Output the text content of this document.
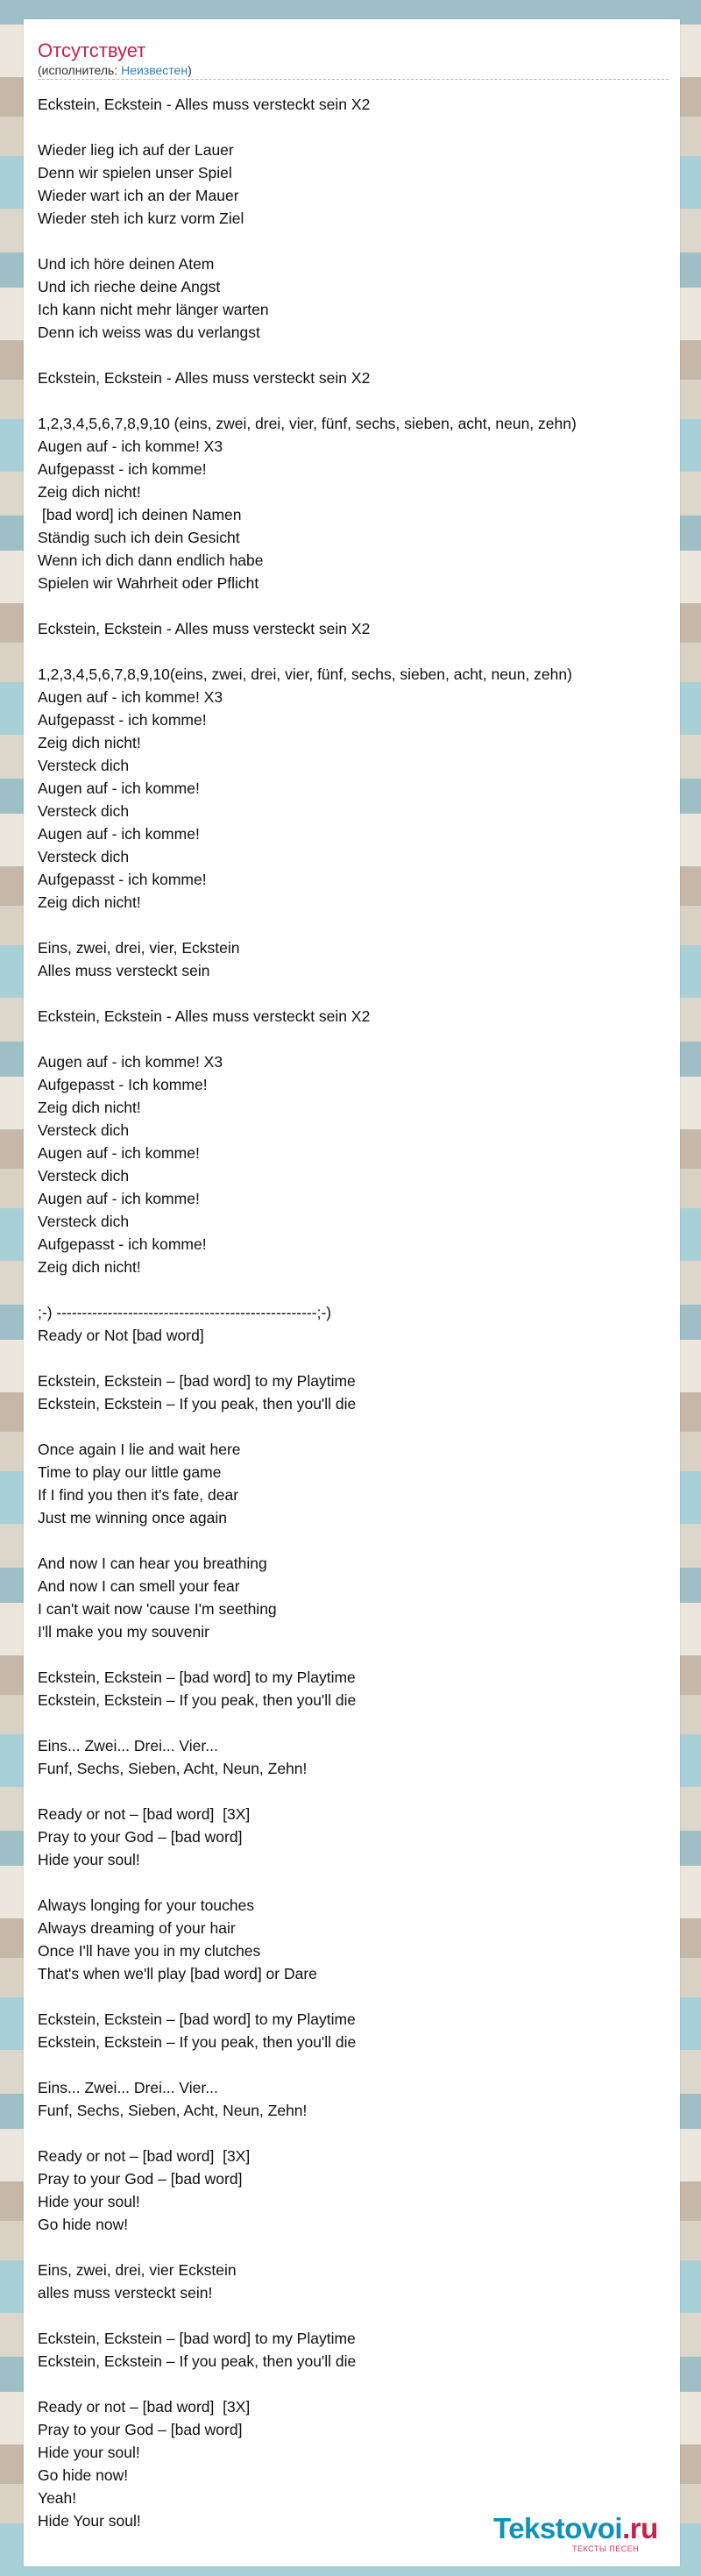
Отсутствует
(исполнитель: Неизвестен)
Eckstein, Eckstein - Alles muss versteckt sein X2

Wieder lieg ich auf der Lauer
Denn wir spielen unser Spiel
Wieder wart ich an der Mauer
Wieder steh ich kurz vorm Ziel

Und ich höre deinen Atem
Und ich rieche deine Angst
Ich kann nicht mehr länger warten
Denn ich weiss was du verlangst

Eckstein, Eckstein - Alles muss versteckt sein X2

1,2,3,4,5,6,7,8,9,10 (eins, zwei, drei, vier, fünf, sechs, sieben, acht, neun, zehn)
Augen auf - ich komme! X3
Aufgepasst - ich komme!
Zeig dich nicht!
[bad word] ich deinen Namen
Ständig such ich dein Gesicht
Wenn ich dich dann endlich habe
Spielen wir Wahrheit oder Pflicht

Eckstein, Eckstein - Alles muss versteckt sein X2

1,2,3,4,5,6,7,8,9,10(eins, zwei, drei, vier, fünf, sechs, sieben, acht, neun, zehn)
Augen auf - ich komme! X3
Aufgepasst - ich komme!
Zeig dich nicht!
Versteck dich
Augen auf - ich komme!
Versteck dich
Augen auf - ich komme!
Versteck dich
Aufgepasst - ich komme!
Zeig dich nicht!

Eins, zwei, drei, vier, Eckstein
Alles muss versteckt sein

Eckstein, Eckstein - Alles muss versteckt sein X2

Augen auf - ich komme! X3
Aufgepasst - Ich komme!
Zeig dich nicht!
Versteck dich
Augen auf - ich komme!
Versteck dich
Augen auf - ich komme!
Versteck dich
Aufgepasst - ich komme!
Zeig dich nicht!

;-) ---------------------------------------------------;-)
Ready or Not [bad word]

Eckstein, Eckstein – [bad word] to my Playtime
Eckstein, Eckstein – If you peak, then you'll die

Once again I lie and wait here
Time to play our little game
If I find you then it's fate, dear
Just me winning once again

And now I can hear you breathing
And now I can smell your fear
I can't wait now 'cause I'm seething
I'll make you my souvenir

Eckstein, Eckstein – [bad word] to my Playtime
Eckstein, Eckstein – If you peak, then you'll die

Eins... Zwei... Drei... Vier...
Funf, Sechs, Sieben, Acht, Neun, Zehn!

Ready or not – [bad word]  [3X]
Pray to your God – [bad word]
Hide your soul!

Always longing for your touches
Always dreaming of your hair
Once I'll have you in my clutches
That's when we'll play [bad word] or Dare

Eckstein, Eckstein – [bad word] to my Playtime
Eckstein, Eckstein – If you peak, then you'll die

Eins... Zwei... Drei... Vier...
Funf, Sechs, Sieben, Acht, Neun, Zehn!

Ready or not – [bad word]  [3X]
Pray to your God – [bad word]
Hide your soul!
Go hide now!

Eins, zwei, drei, vier Eckstein
alles muss versteckt sein!

Eckstein, Eckstein – [bad word] to my Playtime
Eckstein, Eckstein – If you peak, then you'll die

Ready or not – [bad word]  [3X]
Pray to your God – [bad word]
Hide your soul!
Go hide now!
Yeah!
Hide Your soul!	Tekstovoi.ru
ТЕКСТЫ ПЕСЕН
